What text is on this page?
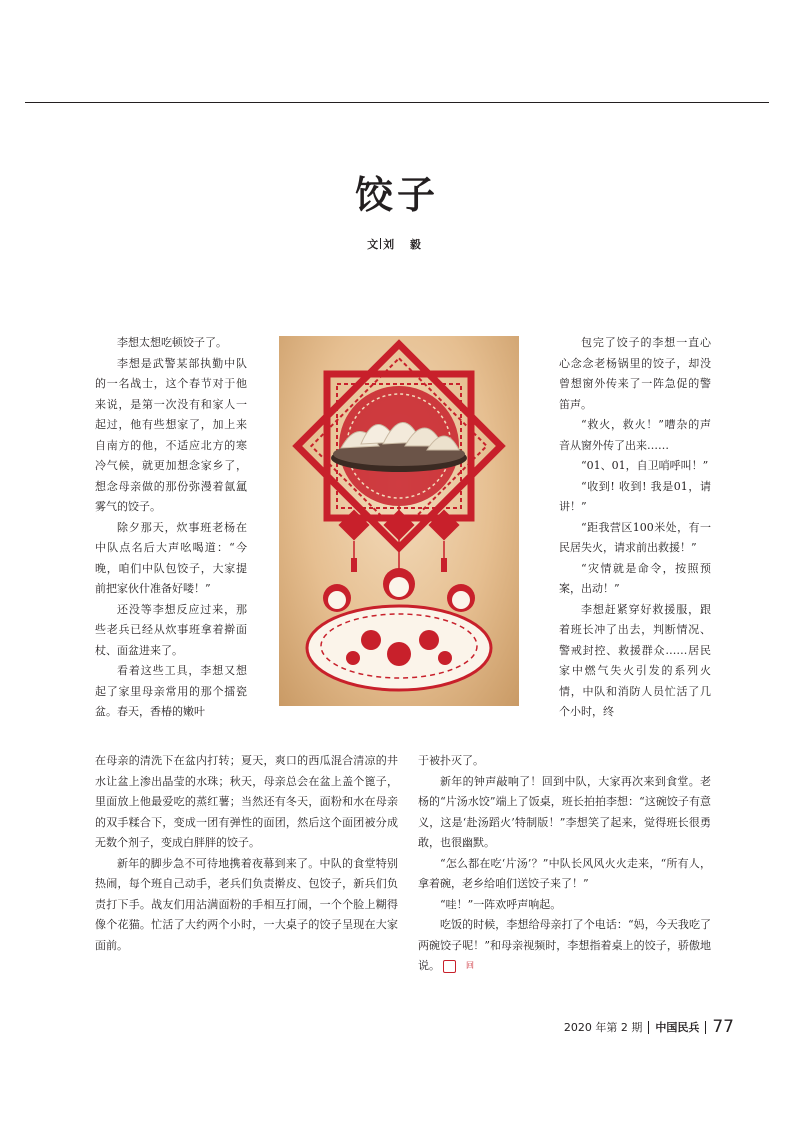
饺子
文 刘 毅

李想太想吃顿饺子了。

李想是武警某部执勤中队的一名战士，这个春节对于他来说，是第一次没有和家人一起过，他有些想家了，加上来自南方的他，不适应北方的寒冷气候，就更加想念家乡了，想念母亲做的那份弥漫着氤氲雾气的饺子。

除夕那天，炊事班老杨在中队点名后大声吆喝道：“今晚，咱们中队包饺子，大家提前把家伙什准备好喽！”

还没等李想反应过来，那些老兵已经从炊事班拿着擀面杖、面盆进来了。

看着这些工具，李想又想起了家里母亲常用的那个擂瓷盆。春天，香椿的嫩叶

包完了饺子的李想一直心心念念老杨锅里的饺子，却没曾想窗外传来了一阵急促的警笛声。

“救火，救火！”嘈杂的声音从窗外传了出来……

“01、01，自卫哨呼叫！”

“收到! 收到! 我是01，请讲！”

“距我营区100米处，有一民居失火，请求前出救援！”

“灾情就是命令，按照预案，出动！”

李想赶紧穿好救援服，跟着班长冲了出去，判断情况、警戒封控、救援群众……居民家中燃气失火引发的系列火情，中队和消防人员忙活了几个小时，终

在母亲的清洗下在盆内打转；夏天，爽口的西瓜混合清凉的井水让盆上渗出晶莹的水珠；秋天，母亲总会在盆上盖个篦子，里面放上他最爱吃的蒸红薯；当然还有冬天，面粉和水在母亲的双手糅合下，变成一团有弹性的面团，然后这个面团被分成无数个剂子，变成白胖胖的饺子。

新年的脚步急不可待地携着夜幕到来了。中队的食堂特别热闹，每个班自己动手，老兵们负责擀皮、包饺子，新兵们负责打下手。战友们用沾满面粉的手相互打闹，一个个脸上糊得像个花猫。忙活了大约两个小时，一大桌子的饺子呈现在大家面前。

于被扑灭了。

新年的钟声敲响了！回到中队，大家再次来到食堂。老杨的“片汤水饺”端上了饭桌，班长拍拍李想：“这碗饺子有意义，这是‘赴汤蹈火’特制版！”李想笑了起来，觉得班长很勇敢，也很幽默。

“怎么都在吃‘片汤’？”中队长风风火火走来，“所有人，拿着碗，老乡给咱们送饺子来了！”

“哇！”一阵欢呼声响起。

吃饭的时候，李想给母亲打了个电话：“妈，今天我吃了两碗饺子呢！”和母亲视频时，李想指着桌上的饺子，骄傲地说。	回

2020 年第 2 期 中国民兵 77
